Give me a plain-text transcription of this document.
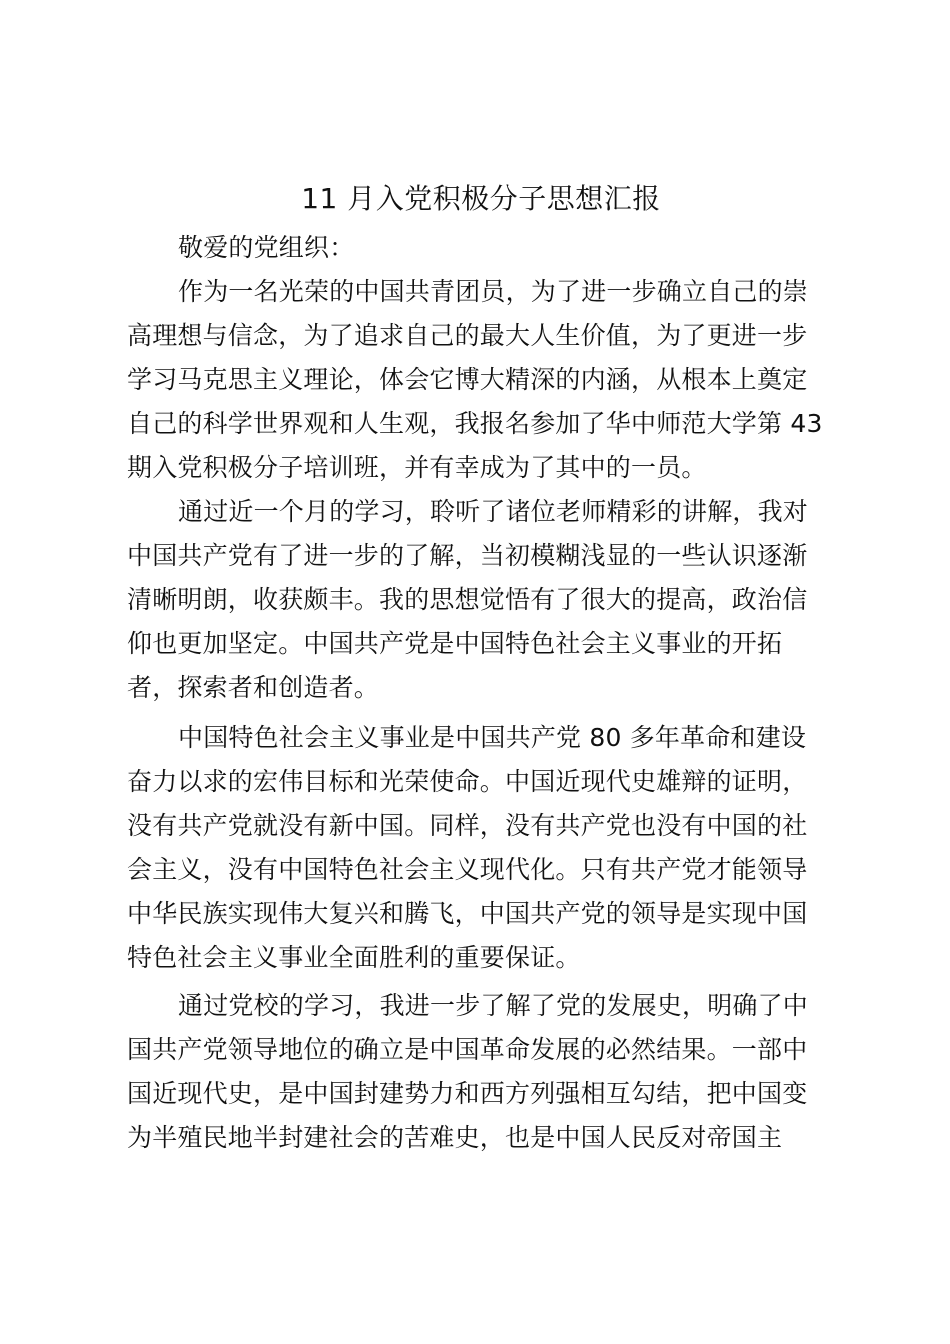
11 月入党积极分子思想汇报

敬爱的党组织：

作为一名光荣的中国共青团员，为了进一步确立自己的崇

高理想与信念，为了追求自己的最大人生价值，为了更进一步

学习马克思主义理论，体会它博大精深的内涵，从根本上奠定

自己的科学世界观和人生观，我报名参加了华中师范大学第 43

期入党积极分子培训班，并有幸成为了其中的一员。

通过近一个月的学习，聆听了诸位老师精彩的讲解，我对

中国共产党有了进一步的了解，当初模糊浅显的一些认识逐渐

清晰明朗，收获颇丰。我的思想觉悟有了很大的提高，政治信

仰也更加坚定。中国共产党是中国特色社会主义事业的开拓

者，探索者和创造者。

中国特色社会主义事业是中国共产党 80 多年革命和建设

奋力以求的宏伟目标和光荣使命。中国近现代史雄辩的证明，

没有共产党就没有新中国。同样，没有共产党也没有中国的社

会主义，没有中国特色社会主义现代化。只有共产党才能领导

中华民族实现伟大复兴和腾飞，中国共产党的领导是实现中国

特色社会主义事业全面胜利的重要保证。

通过党校的学习，我进一步了解了党的发展史，明确了中

国共产党领导地位的确立是中国革命发展的必然结果。一部中

国近现代史，是中国封建势力和西方列强相互勾结，把中国变

为半殖民地半封建社会的苦难史，也是中国人民反对帝国主
